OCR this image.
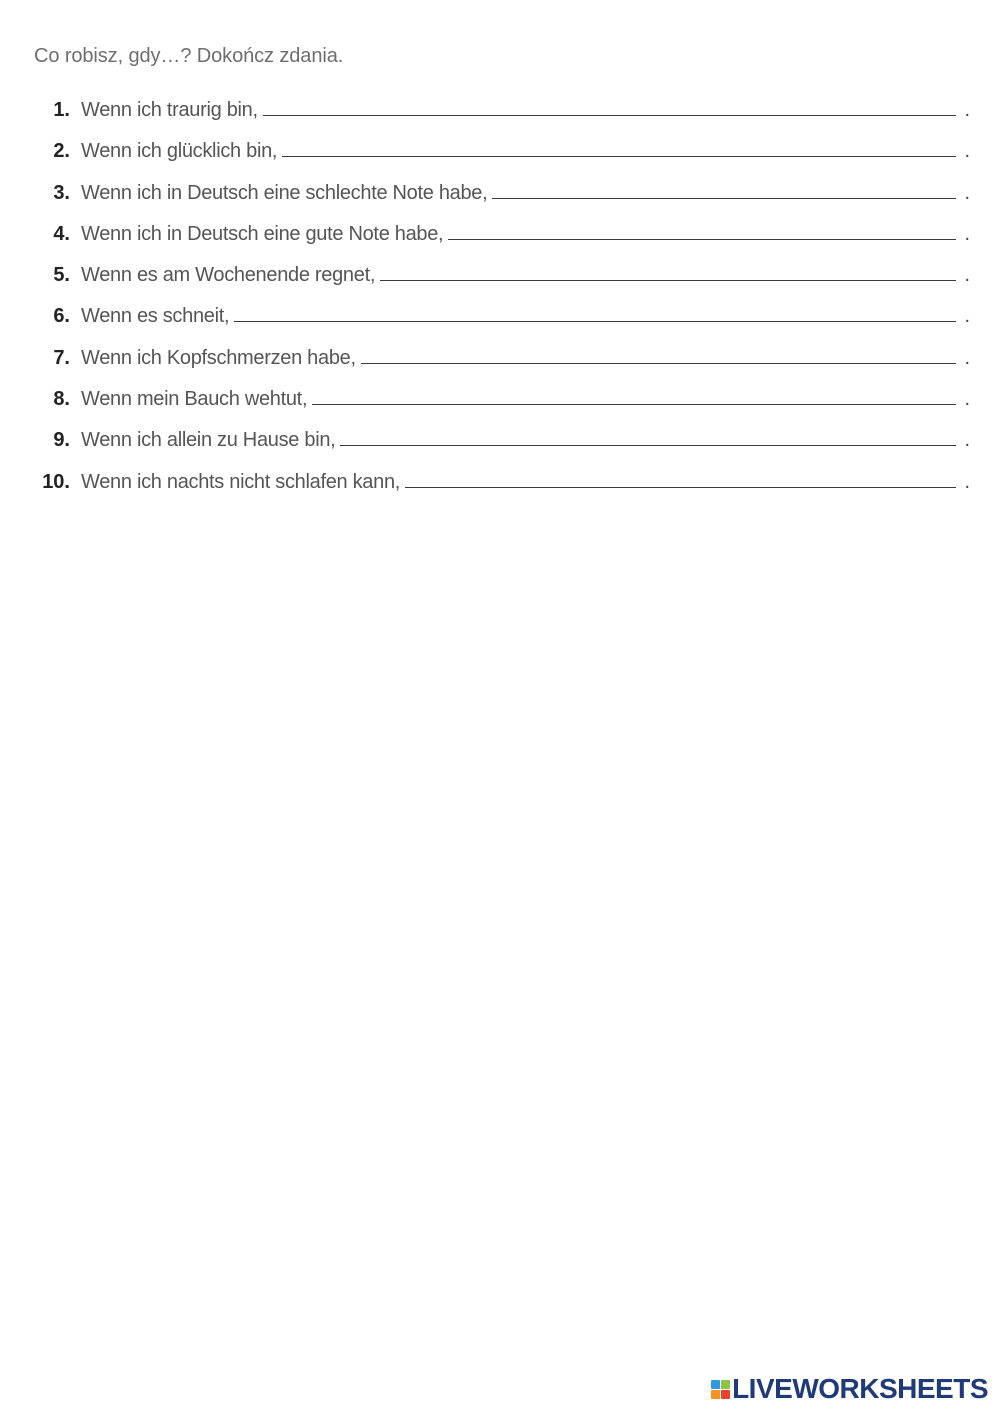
Co robisz, gdy…? Dokończ zdania.
1. Wenn ich traurig bin,	.
2. Wenn ich glücklich bin,	.
3. Wenn ich in Deutsch eine schlechte Note habe,	.
4. Wenn ich in Deutsch eine gute Note habe,	.
5. Wenn es am Wochenende regnet,	.
6. Wenn es schneit,	.
7. Wenn ich Kopfschmerzen habe,	.
8. Wenn mein Bauch wehtut,	.
9. Wenn ich allein zu Hause bin,	.
10. Wenn ich nachts nicht schlafen kann,	.
LIVEWORKSHEETS
